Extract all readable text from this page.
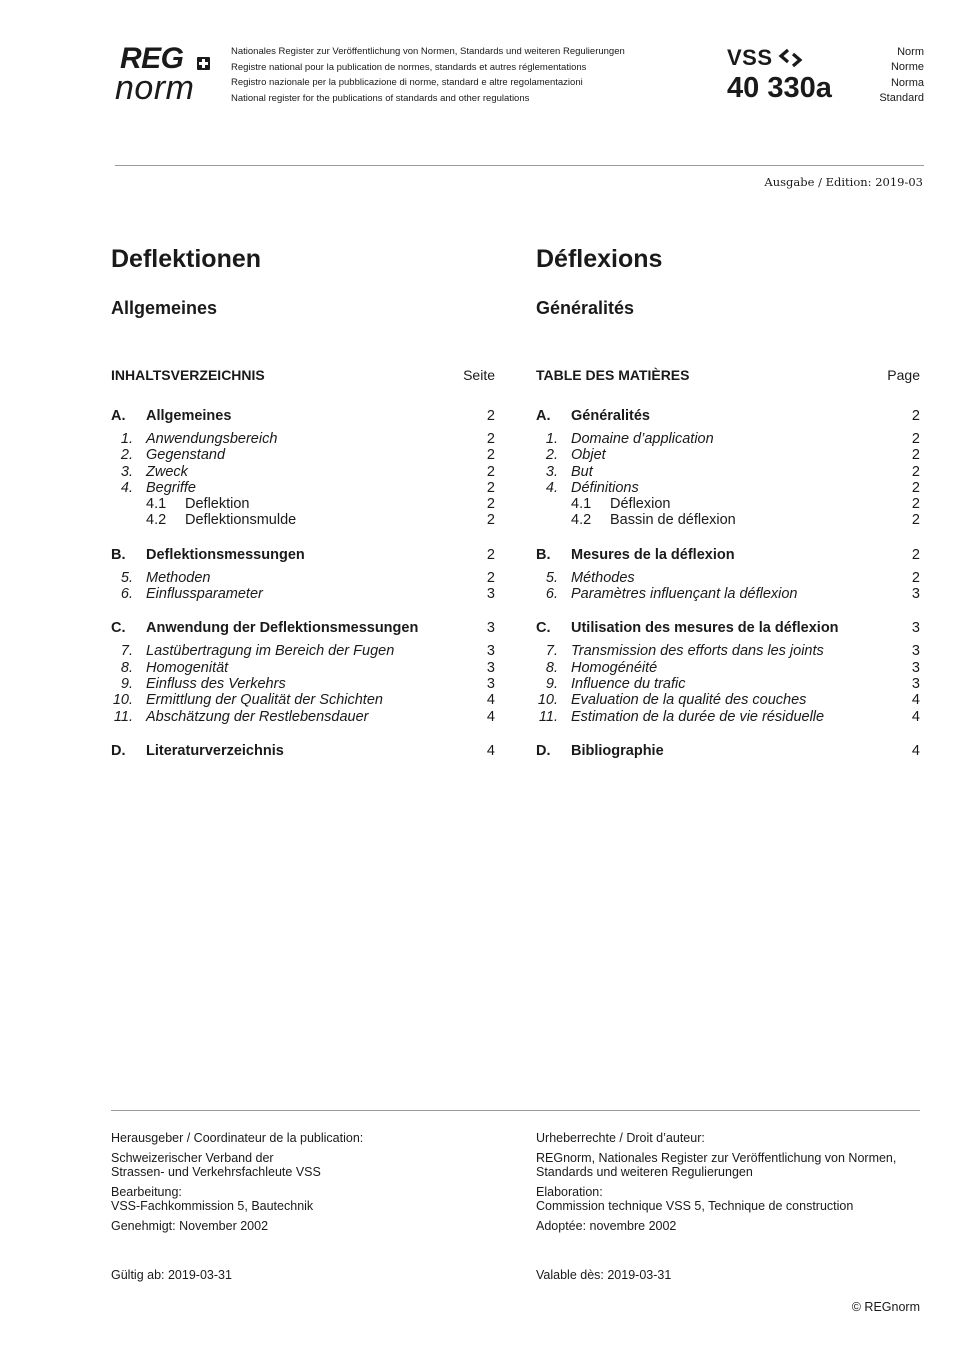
REG
norm
Nationales Register zur Veröffentlichung von Normen, Standards und weiteren Regulierungen
Registre national pour la publication de normes, standards et autres réglementations
Registro nazionale per la pubblicazione di norme, standard e altre regolamentazioni
National register for the publications of standards and other regulations
VSS
40 330a
Norm
Norme
Norma
Standard
Ausgabe / Edition: 2019-03
Deflektionen
Allgemeines
INHALTSVERZEICHNIS	Seite
A. Allgemeines	2
1. Anwendungsbereich	2
2. Gegenstand	2
3. Zweck	2
4. Begriffe	2
4.1 Deflektion	2
4.2 Deflektionsmulde	2
B. Deflektionsmessungen	2
5. Methoden	2
6. Einflussparameter	3
C. Anwendung der Deflektionsmessungen	3
7. Lastübertragung im Bereich der Fugen	3
8. Homogenität	3
9. Einfluss des Verkehrs	3
10. Ermittlung der Qualität der Schichten	4
11. Abschätzung der Restlebensdauer	4
D. Literaturverzeichnis	4
Déflexions
Généralités
TABLE DES MATIÈRES	Page
A. Généralités	2
1. Domaine d’application	2
2. Objet	2
3. But	2
4. Définitions	2
4.1 Déflexion	2
4.2 Bassin de déflexion	2
B. Mesures de la déflexion	2
5. Méthodes	2
6. Paramètres influençant la déflexion	3
C. Utilisation des mesures de la déflexion	3
7. Transmission des efforts dans les joints	3
8. Homogénéité	3
9. Influence du trafic	3
10. Evaluation de la qualité des couches	4
11. Estimation de la durée de vie résiduelle	4
D. Bibliographie	4

Herausgeber / Coordinateur de la publication:

Schweizerischer Verband der
Strassen- und Verkehrsfachleute VSS

Bearbeitung:
VSS-Fachkommission 5, Bautechnik

Genehmigt: November 2002

Urheberrechte / Droit d’auteur:

REGnorm, Nationales Register zur Veröffentlichung von Normen,
Standards und weiteren Regulierungen

Elaboration:
Commission technique VSS 5, Technique de construction

Adoptée: novembre 2002

Gültig ab: 2019-03-31	Valable dès: 2019-03-31
© REGnorm
